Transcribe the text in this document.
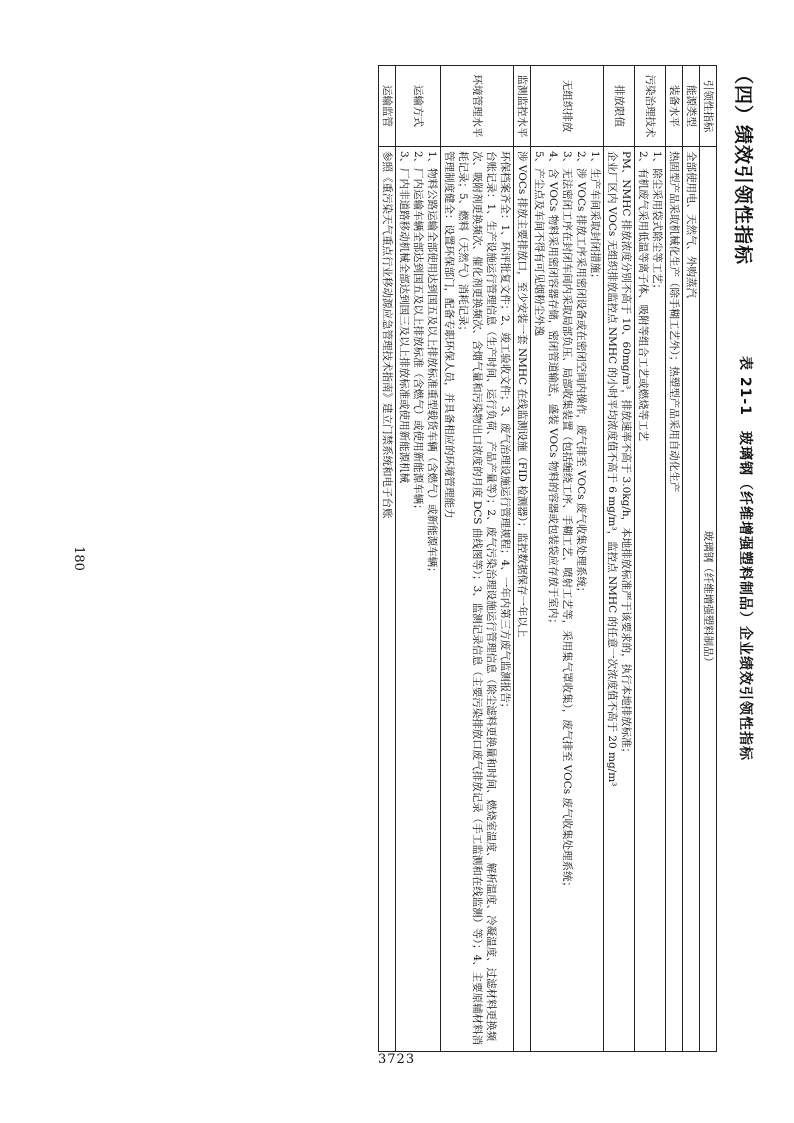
3723
（四）绩效引领性指标
表 21-1　玻璃钢（纤维增强塑料制品）企业绩效引领性指标
引领性指标	玻璃钢（纤维增强塑料制品）
能源类型	全部使用电、天然气、外购蒸汽

装备水平	热固型产品采取机械化生产（除手糊工艺外）；热塑型产品采用自动化生产

污染治理技术	1、除尘采用袋式除尘等工艺；
2、有机废气采用低温等离子体、吸附等组合工艺或燃烧等工艺

排放限值	PM、NMHC 排放浓度分别不高于 10、60mg/m³，排放速率不高于 3.0kg/h，本地排放标准严于该要求的，执行本地排放标准；
企业厂区内 VOCs 无组织排放监控点 NMHC 的小时平均浓度值不高于 6 mg/m³，监控点 NMHC 的任意一次浓度值不高于 20 mg/m³

无组织排放	1、生产车间采取封闭措施；
2、涉 VOCs 排放工序采用密闭设备或在密闭空间内操作，废气排至 VOCs 废气收集处理系统；
3、无法密闭工序在封闭车间内采取局部负压、局部收集装置（包括缠绕工序、手糊工艺、喷射工艺等，采用集气罩收集），废气排至 VOCs 废气收集处理系统；
4、含 VOCs 物料采用密闭容器存储，密闭管道输送，盛装 VOCs 物料的容器或包装袋应存放于室内；
5、产尘点及车间不得有可见烟粉尘外逸

监测监控水平	涉 VOCs 排放主要排放口，至少安装一套 NMHC 在线监测设施（FID 检测器）；监控数据保存一年以上

环境管理水平	环保档案齐全：1、环评批复文件；2、竣工验收文件；3、废气治理设施运行管理规程；4、一年内第三方废气监测报告；
台账记录：1、生产设施运行管理信息（生产时间、运行负荷、产品产量等）；2、废气污染治理设施运行管理信息（除尘滤料更换量和时间、燃烧室温度、解析温度、冷凝温度、过滤材料更换频次、吸附剂更换频次、催化剂更换频次、含烟气量和污染物出口浓度的月度 DCS 曲线图等）；3、监测记录信息（主要污染排放口废气排放记录（手工监测和在线监测）等）；4、主要原辅材料消耗记录；5、燃料（天然气）消耗记录；
管理制度健全：设置环保部门，配备专职环保人员，并具备相应的环境管理能力

运输方式	1、物料公路运输全部使用达到国五及以上排放标准重型载货车辆（含燃气）或新能源车辆；
2、厂内运输车辆全部达到国五及以上排放标准（含燃气）或使用新能源车辆；
3、厂内非道路移动机械全部达到国三及以上排放标准或使用新能源机械

运输监管	参照《重污染天气重点行业移动源应急管理技术指南》建立门禁系统和电子台账
180
